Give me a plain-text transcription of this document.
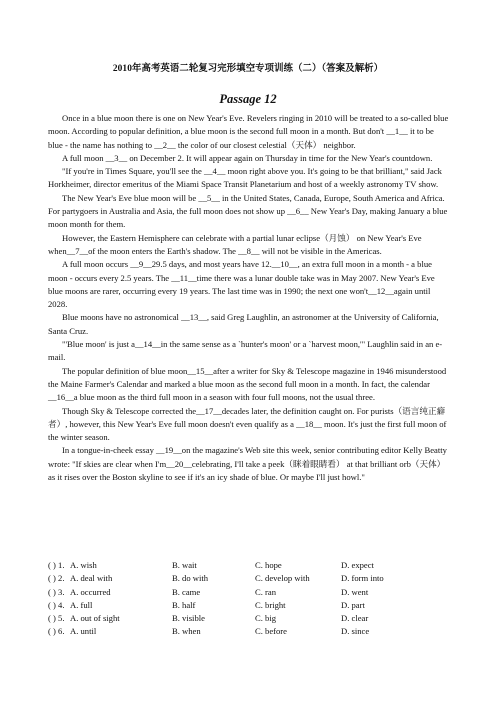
2010年高考英语二轮复习完形填空专项训练（二）（答案及解析）
Passage 12

Once in a blue moon there is one on New Year's Eve. Revelers ringing in 2010 will be treated to a so-called blue moon. According to popular definition, a blue moon is the second full moon in a month. But don't __1__ it to be blue - the name has nothing to __2__ the color of our closest celestial（天体） neighbor.

A full moon __3__ on December 2. It will appear again on Thursday in time for the New Year's countdown.

"If you're in Times Square, you'll see the __4__ moon right above you. It's going to be that brilliant," said Jack Horkheimer, director emeritus of the Miami Space Transit Planetarium and host of a weekly astronomy TV show.

The New Year's Eve blue moon will be __5__ in the United States, Canada, Europe, South America and Africa. For partygoers in Australia and Asia, the full moon does not show up __6__ New Year's Day, making January a blue moon month for them.

However, the Eastern Hemisphere can celebrate with a partial lunar eclipse（月蚀） on New Year's Eve when__7__of the moon enters the Earth's shadow. The __8__ will not be visible in the Americas.

A full moon occurs __9__29.5 days, and most years have 12.__10__, an extra full moon in a month - a blue moon - occurs every 2.5 years. The __11__time there was a lunar double take was in May 2007. New Year's Eve blue moons are rarer, occurring every 19 years. The last time was in 1990; the next one won't__12__again until 2028.

Blue moons have no astronomical __13__, said Greg Laughlin, an astronomer at the University of California, Santa Cruz.

"'Blue moon' is just a__14__in the same sense as a `hunter's moon' or a `harvest moon,'" Laughlin said in an e-mail.

The popular definition of blue moon__15__after a writer for Sky & Telescope magazine in 1946 misunderstood the Maine Farmer's Calendar and marked a blue moon as the second full moon in a month. In fact, the calendar __16__a blue moon as the third full moon in a season with four full moons, not the usual three.

Though Sky & Telescope corrected the__17__decades later, the definition caught on. For purists（语言纯正癖者）, however, this New Year's Eve full moon doesn't even qualify as a __18__ moon. It's just the first full moon of the winter season.

In a tongue-in-cheek essay __19__on the magazine's Web site this week, senior contributing editor Kelly Beatty wrote: "If skies are clear when I'm__20__celebrating, I'll take a peek（眯着眼睛看） at that brilliant orb（天体） as it rises over the Boston skyline to see if it's an icy shade of blue. Or maybe I'll just howl."

( ) 1. A. wish	B. wait	C. hope	D. expect
( ) 2. A. deal with	B. do with	C. develop with	D. form into
( ) 3. A. occurred	B. came	C. ran	D. went
( ) 4. A. full	B. half	C. bright	D. part
( ) 5. A. out of sight	B. visible	C. big	D. clear
( ) 6. A. until	B. when	C. before	D. since
